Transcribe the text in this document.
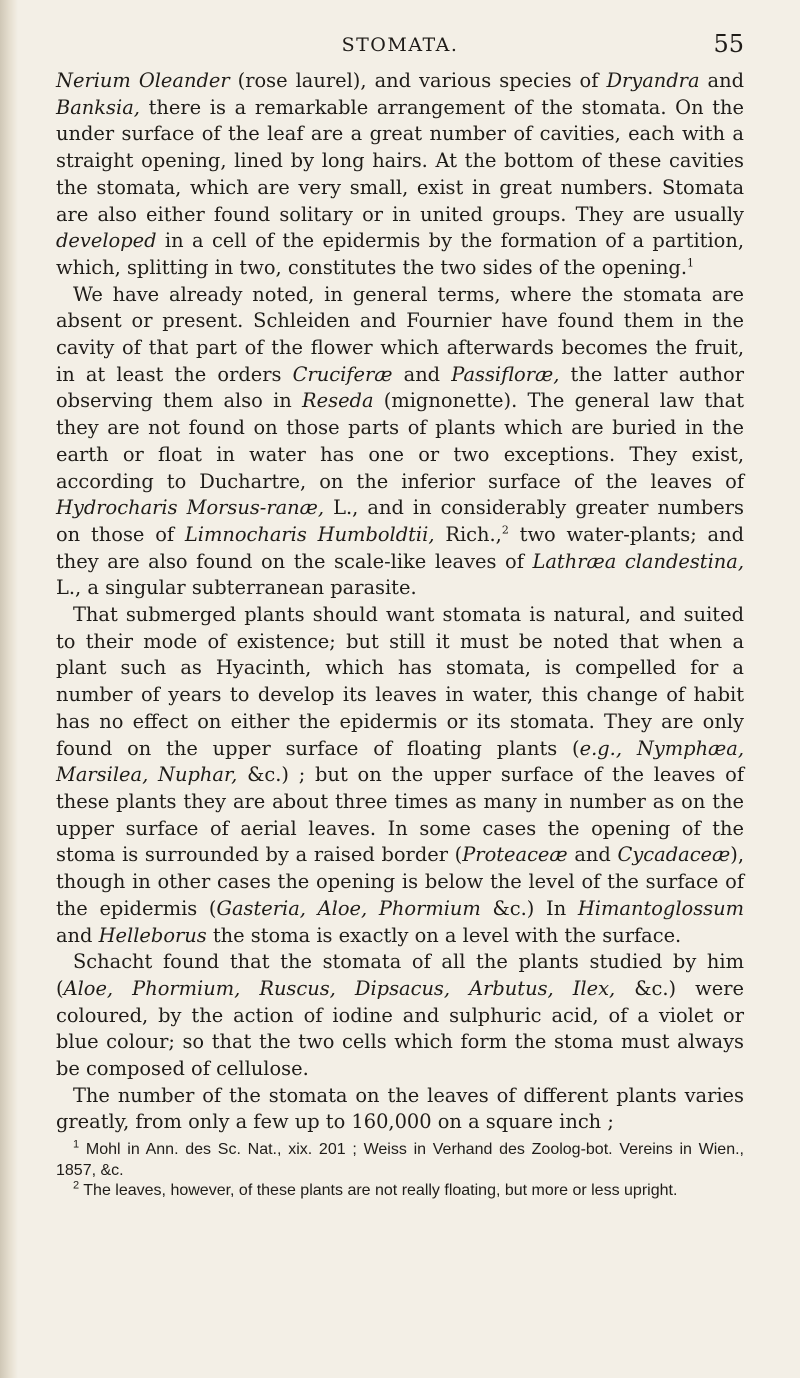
STOMATA.	55

Nerium Oleander (rose laurel), and various species of Dryandra and Banksia, there is a remarkable arrangement of the stomata. On the under surface of the leaf are a great number of cavities, each with a straight opening, lined by long hairs. At the bottom of these cavities the stomata, which are very small, exist in great numbers. Stomata are also either found solitary or in united groups. They are usually developed in a cell of the epidermis by the formation of a partition, which, splitting in two, constitutes the two sides of the opening.$^1$

We have already noted, in general terms, where the stomata are absent or present. Schleiden and Fournier have found them in the cavity of that part of the flower which afterwards becomes the fruit, in at least the orders Cruciferæ and Passifloræ, the latter author observing them also in Reseda (mignonette). The general law that they are not found on those parts of plants which are buried in the earth or float in water has one or two exceptions. They exist, according to Duchartre, on the inferior surface of the leaves of Hydrocharis Morsus-ranæ, L., and in considerably greater numbers on those of Limnocharis Humboldtii, Rich.,$^2$ two water-plants; and they are also found on the scale-like leaves of Lathræa clandestina, L., a singular subterranean parasite.

That submerged plants should want stomata is natural, and suited to their mode of existence; but still it must be noted that when a plant such as Hyacinth, which has stomata, is compelled for a number of years to develop its leaves in water, this change of habit has no effect on either the epidermis or its stomata. They are only found on the upper surface of floating plants (e.g., Nymphæa, Marsilea, Nuphar, &c.) ; but on the upper surface of the leaves of these plants they are about three times as many in number as on the upper surface of aerial leaves. In some cases the opening of the stoma is surrounded by a raised border (Proteaceæ and Cycadaceæ), though in other cases the opening is below the level of the surface of the epidermis (Gasteria, Aloe, Phormium &c.) In Himantoglossum and Helleborus the stoma is exactly on a level with the surface.

Schacht found that the stomata of all the plants studied by him (Aloe, Phormium, Ruscus, Dipsacus, Arbutus, Ilex, &c.) were coloured, by the action of iodine and sulphuric acid, of a violet or blue colour; so that the two cells which form the stoma must always be composed of cellulose.

The number of the stomata on the leaves of different plants varies greatly, from only a few up to 160,000 on a square inch ;

$^1$ Mohl in Ann. des Sc. Nat., xix. 201 ; Weiss in Verhand des Zoolog-bot. Vereins in Wien., 1857, &c.

$^2$ The leaves, however, of these plants are not really floating, but more or less upright.
